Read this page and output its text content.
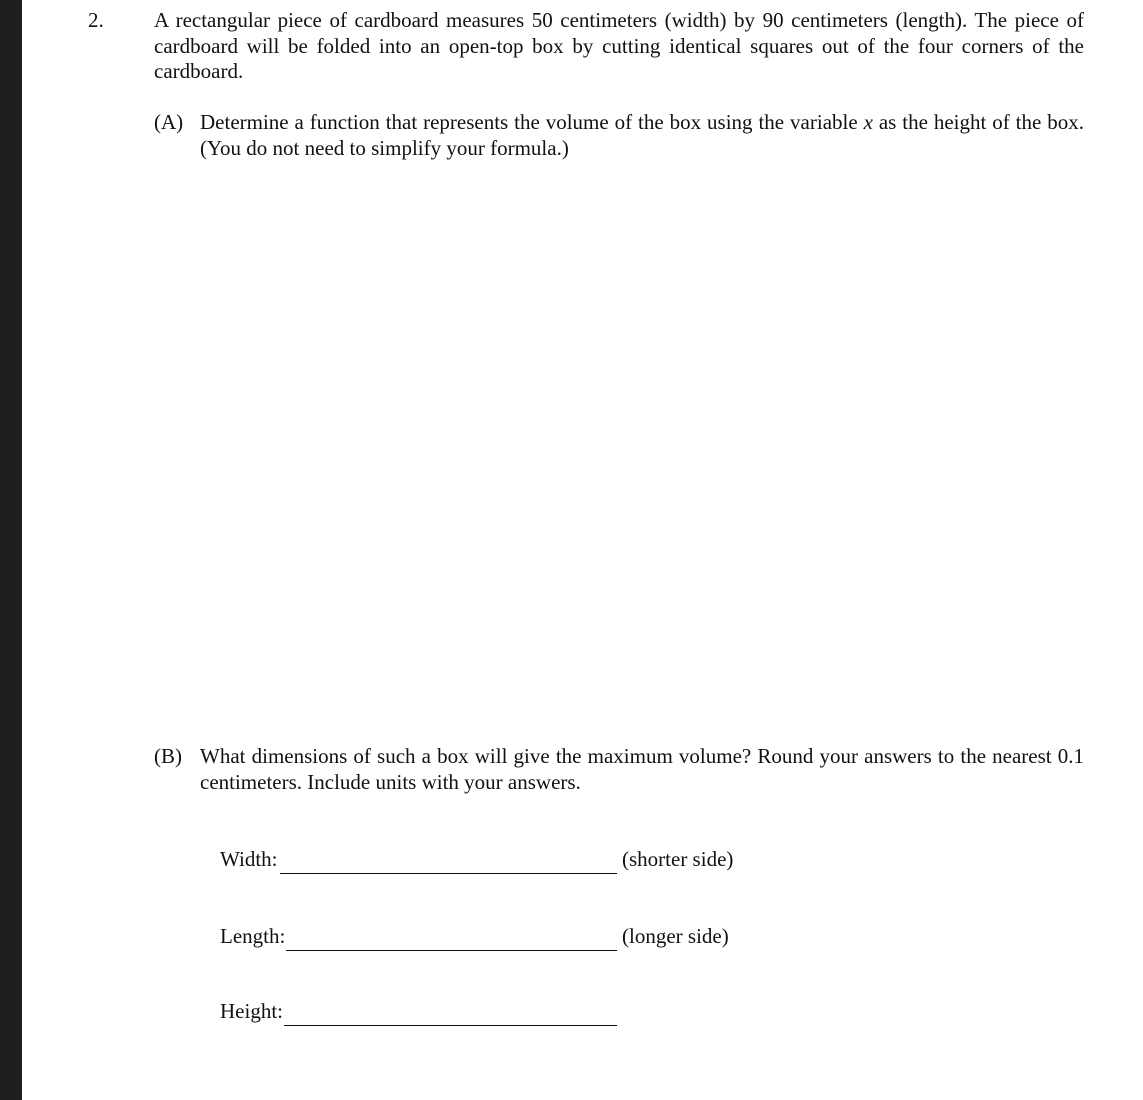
2. A rectangular piece of cardboard measures 50 centimeters (width) by 90 centimeters (length). The piece of cardboard will be folded into an open-top box by cutting identical squares out of the four corners of the cardboard.
(A) Determine a function that represents the volume of the box using the variable x as the height of the box. (You do not need to simplify your formula.)
(B) What dimensions of such a box will give the maximum volume? Round your answers to the nearest 0.1 centimeters. Include units with your answers.
Width:	(shorter side)
Length:	(longer side)
Height:
